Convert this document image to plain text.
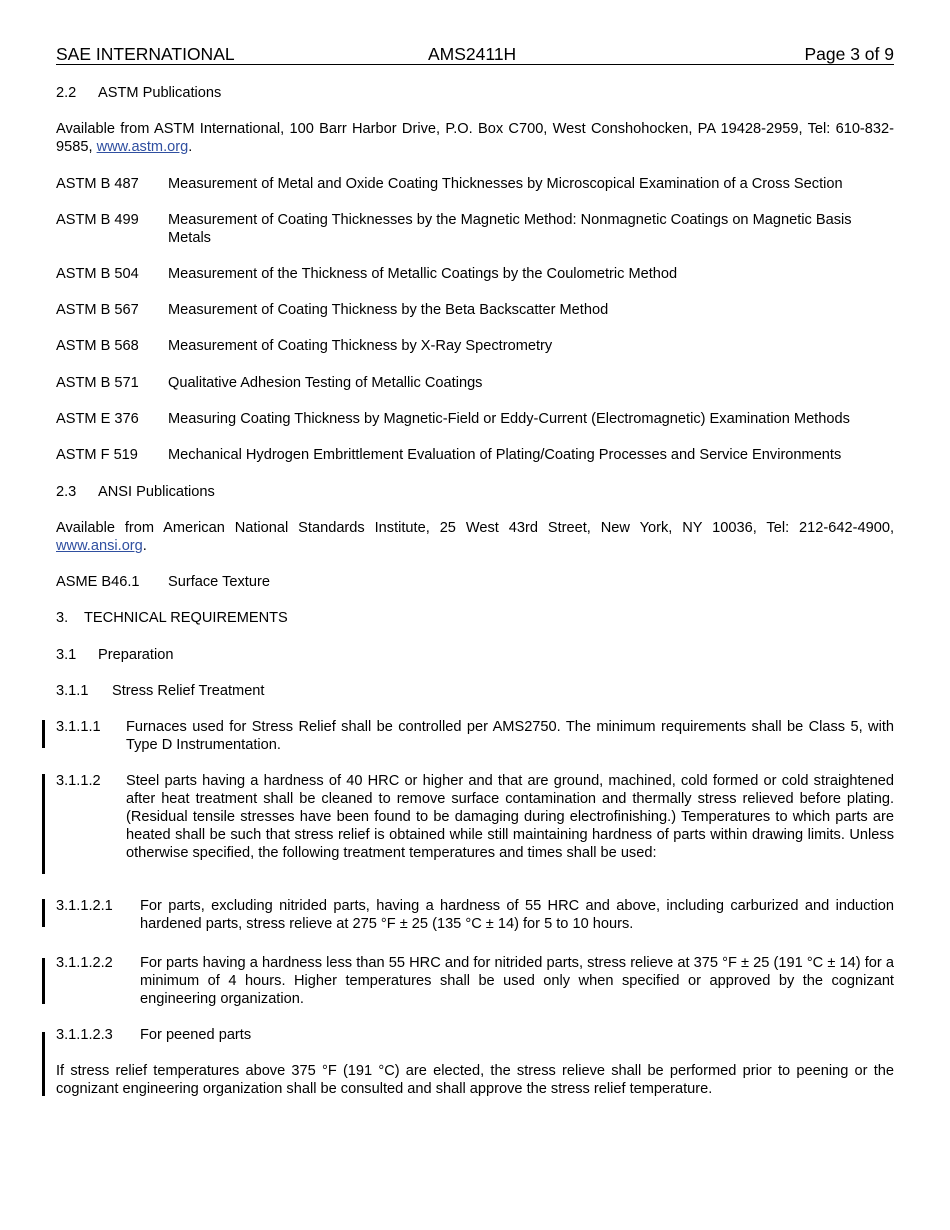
SAE INTERNATIONAL	AMS2411H	Page 3 of 9
2.2 ASTM Publications
Available from ASTM International, 100 Barr Harbor Drive, P.O. Box C700, West Conshohocken, PA 19428-2959, Tel: 610-832-9585, www.astm.org.
ASTM B 487	Measurement of Metal and Oxide Coating Thicknesses by Microscopical Examination of a Cross Section
ASTM B 499	Measurement of Coating Thicknesses by the Magnetic Method: Nonmagnetic Coatings on Magnetic Basis Metals
ASTM B 504	Measurement of the Thickness of Metallic Coatings by the Coulometric Method
ASTM B 567	Measurement of Coating Thickness by the Beta Backscatter Method
ASTM B 568	Measurement of Coating Thickness by X-Ray Spectrometry
ASTM B 571	Qualitative Adhesion Testing of Metallic Coatings
ASTM E 376	Measuring Coating Thickness by Magnetic-Field or Eddy-Current (Electromagnetic) Examination Methods
ASTM F 519	Mechanical Hydrogen Embrittlement Evaluation of Plating/Coating Processes and Service Environments
2.3 ANSI Publications
Available from American National Standards Institute, 25 West 43rd Street, New York, NY 10036, Tel: 212-642-4900, www.ansi.org.
ASME B46.1	Surface Texture
3. TECHNICAL REQUIREMENTS
3.1 Preparation
3.1.1 Stress Relief Treatment
3.1.1.1	Furnaces used for Stress Relief shall be controlled per AMS2750. The minimum requirements shall be Class 5, with Type D Instrumentation.
3.1.1.2	Steel parts having a hardness of 40 HRC or higher and that are ground, machined, cold formed or cold straightened after heat treatment shall be cleaned to remove surface contamination and thermally stress relieved before plating. (Residual tensile stresses have been found to be damaging during electrofinishing.) Temperatures to which parts are heated shall be such that stress relief is obtained while still maintaining hardness of parts within drawing limits. Unless otherwise specified, the following treatment temperatures and times shall be used:
3.1.1.2.1	For parts, excluding nitrided parts, having a hardness of 55 HRC and above, including carburized and induction hardened parts, stress relieve at 275 °F ± 25 (135 °C ± 14) for 5 to 10 hours.
3.1.1.2.2	For parts having a hardness less than 55 HRC and for nitrided parts, stress relieve at 375 °F ± 25 (191 °C ± 14) for a minimum of 4 hours. Higher temperatures shall be used only when specified or approved by the cognizant engineering organization.
3.1.1.2.3	For peened parts
If stress relief temperatures above 375 °F (191 °C) are elected, the stress relieve shall be performed prior to peening or the cognizant engineering organization shall be consulted and shall approve the stress relief temperature.
